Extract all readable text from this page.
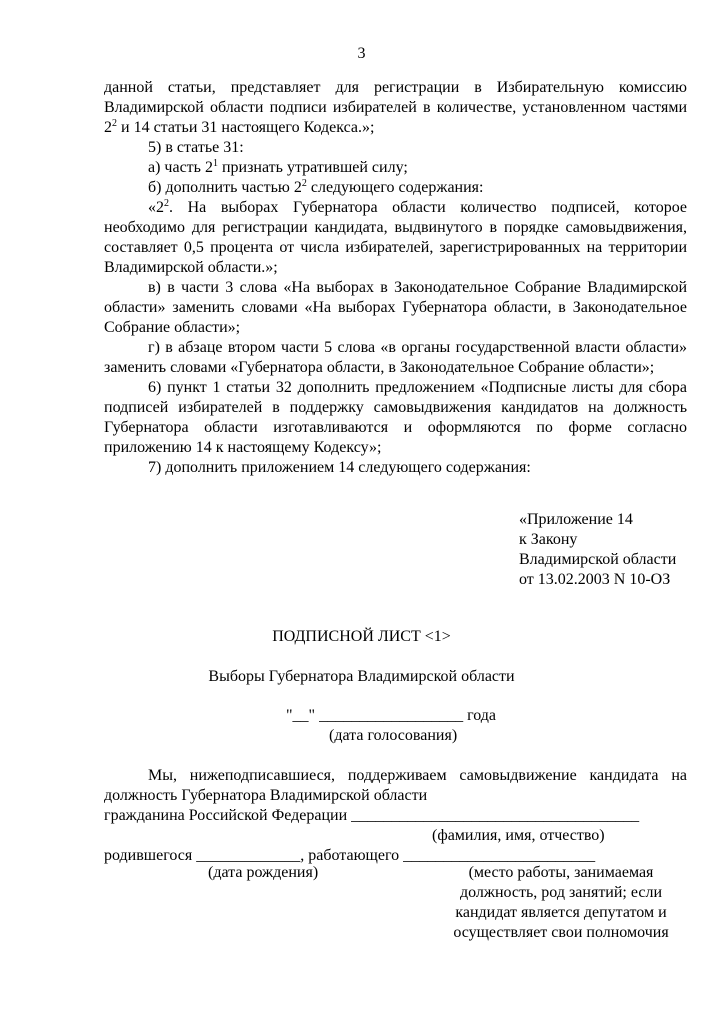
3

данной статьи, представляет для регистрации в Избирательную комиссию Владимирской области подписи избирателей в количестве, установленном частями $2^2$ и 14 статьи 31 настоящего Кодекса.»;

5) в статье 31:

а) часть $2^1$ признать утратившей силу;

б) дополнить частью $2^2$ следующего содержания:

«$2^2$. На выборах Губернатора области количество подписей, которое необходимо для регистрации кандидата, выдвинутого в порядке самовыдвижения, составляет 0,5 процента от числа избирателей, зарегистрированных на территории Владимирской области.»;

в) в части 3 слова «На выборах в Законодательное Собрание Владимирской области» заменить словами «На выборах Губернатора области, в Законодательное Собрание области»;

г) в абзаце втором части 5 слова «в органы государственной власти области» заменить словами «Губернатора области, в Законодательное Собрание области»;

6) пункт 1 статьи 32 дополнить предложением «Подписные листы для сбора подписей избирателей в поддержку самовыдвижения кандидатов на должность Губернатора области изготавливаются и оформляются по форме согласно приложению 14 к настоящему Кодексу»;

7) дополнить приложением 14 следующего содержания:

«Приложение 14
к Закону
Владимирской области
от 13.02.2003 N 10-ОЗ
ПОДПИСНОЙ ЛИСТ <1>
Выборы Губернатора Владимирской области
"__" __________________ года
(дата голосования)
Мы, нижеподписавшиеся, поддерживаем самовыдвижение кандидата на должность Губернатора Владимирской области
гражданина Российской Федерации ____________________________________
(фамилия, имя, отчество)
родившегося _____________, работающего ________________________
(дата рождения)	(место работы, занимаемая
должность, род занятий; если
кандидат является депутатом и
осуществляет свои полномочия
